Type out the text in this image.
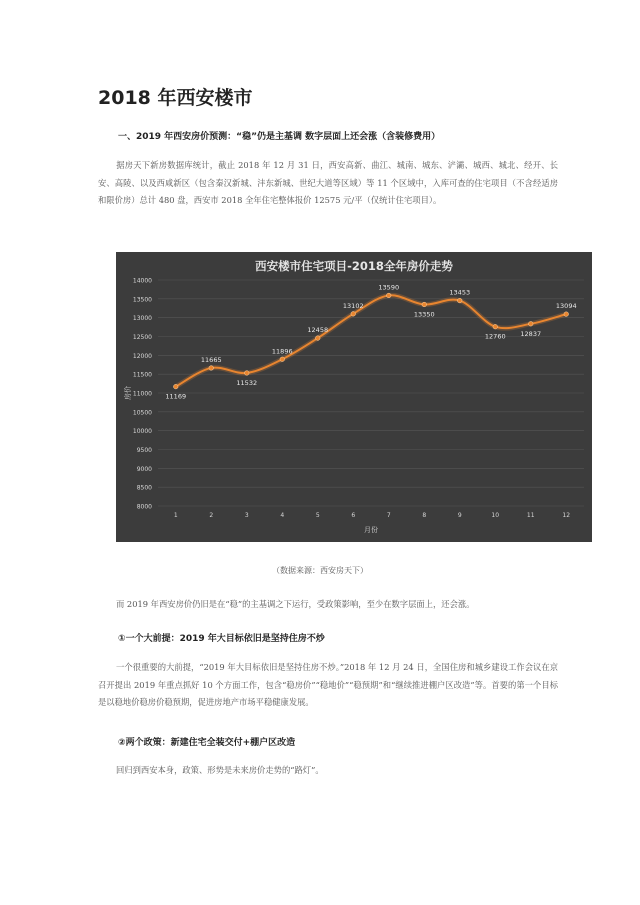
2018 年西安楼市
一、2019 年西安房价预测：“稳”仍是主基调 数字层面上还会涨（含装修费用）
据房天下新房数据库统计，截止 2018 年 12 月 31 日，西安高新、曲江、城南、城东、浐灞、城西、城北、经开、长安、高陵、以及西咸新区（包含秦汉新城、沣东新城、世纪大道等区域）等 11 个区域中，入库可查的住宅项目（不含经适房和限价房）总计 480 盘，西安市 2018 全年住宅整体报价 12575 元/平（仅统计住宅项目）。
西安楼市住宅项目-2018全年房价走势
8000
8500
9000
9500
10000
10500
11000
11500
12000
12500
13000
13500
14000
1	2	3	4	5	6	7	8	9	10	11	12
月份
房价	11169
11665
11532
11896
12458
13102
13590
13350
13453
12760 12837
13094
（数据来源：西安房天下）
而 2019 年西安房价仍旧是在“稳”的主基调之下运行，受政策影响，至少在数字层面上，还会涨。
①一个大前提：2019 年大目标依旧是坚持住房不炒
一个很重要的大前提，“2019 年大目标依旧是坚持住房不炒。”2018 年 12 月 24 日，全国住房和城乡建设工作会议在京召开提出 2019 年重点抓好 10 个方面工作，包含“稳房价”“稳地价”“稳预期”和“继续推进棚户区改造”等。首要的第一个目标是以稳地价稳房价稳预期，促进房地产市场平稳健康发展。
②两个政策：新建住宅全装交付+棚户区改造
回归到西安本身，政策、形势是未来房价走势的“路灯”。
